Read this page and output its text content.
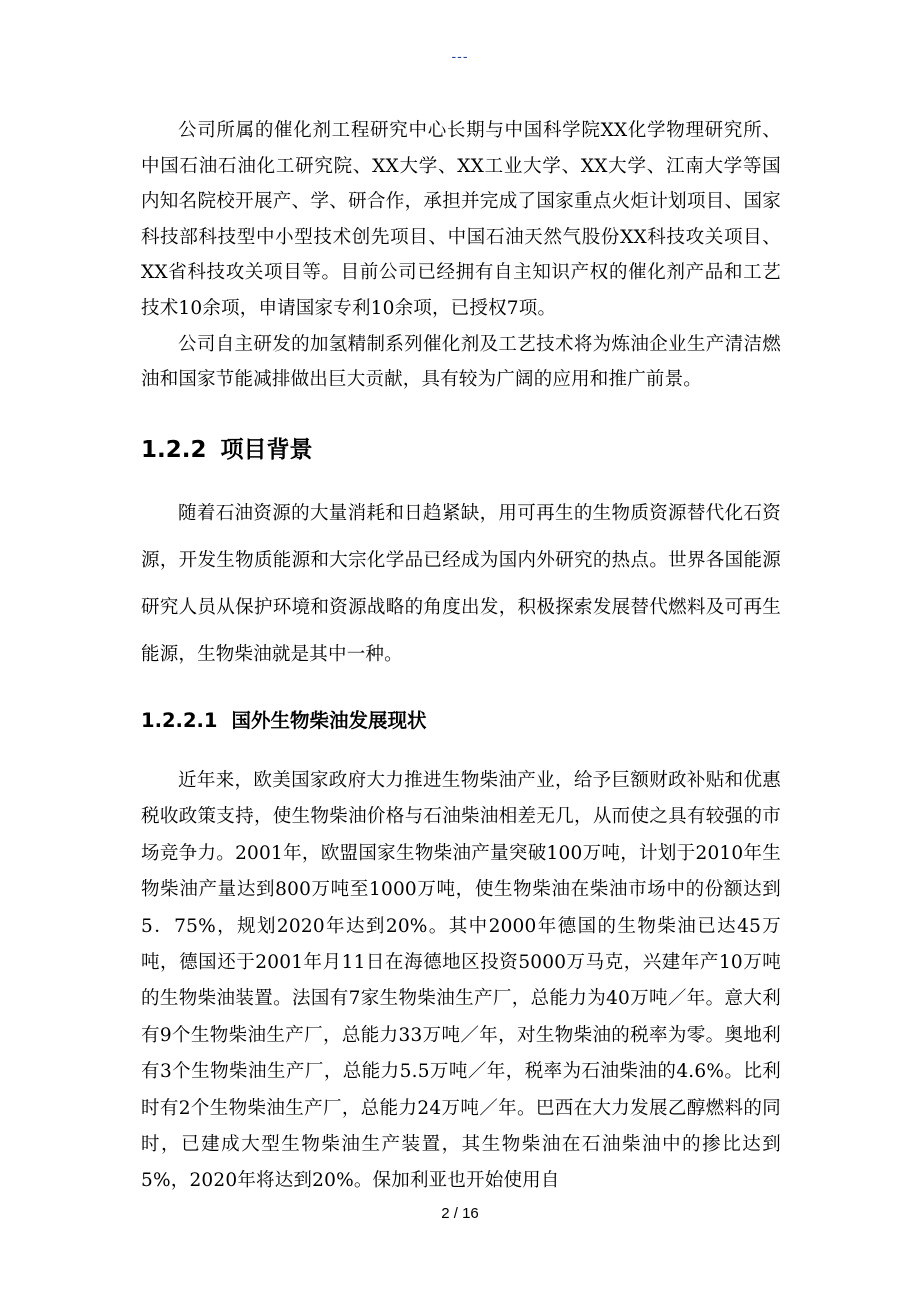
---

公司所属的催化剂工程研究中心长期与中国科学院XX化学物理研究所、中国石油石油化工研究院、XX大学、XX工业大学、XX大学、江南大学等国内知名院校开展产、学、研合作，承担并完成了国家重点火炬计划项目、国家科技部科技型中小型技术创先项目、中国石油天然气股份XX科技攻关项目、XX省科技攻关项目等。目前公司已经拥有自主知识产权的催化剂产品和工艺技术10余项，申请国家专利10余项，已授权7项。

公司自主研发的加氢精制系列催化剂及工艺技术将为炼油企业生产清洁燃油和国家节能减排做出巨大贡献，具有较为广阔的应用和推广前景。

1.2.2 项目背景

随着石油资源的大量消耗和日趋紧缺，用可再生的生物质资源替代化石资源，开发生物质能源和大宗化学品已经成为国内外研究的热点。世界各国能源研究人员从保护环境和资源战略的角度出发，积极探索发展替代燃料及可再生能源，生物柴油就是其中一种。

1.2.2.1 国外生物柴油发展现状

近年来，欧美国家政府大力推进生物柴油产业，给予巨额财政补贴和优惠税收政策支持，使生物柴油价格与石油柴油相差无几，从而使之具有较强的市场竞争力。2001年，欧盟国家生物柴油产量突破100万吨，计划于2010年生物柴油产量达到800万吨至1000万吨，使生物柴油在柴油市场中的份额达到5．75%，规划2020年达到20%。其中2000年德国的生物柴油已达45万吨，德国还于2001年月11日在海德地区投资5000万马克，兴建年产10万吨的生物柴油装置。法国有7家生物柴油生产厂，总能力为40万吨／年。意大利有9个生物柴油生产厂，总能力33万吨／年，对生物柴油的税率为零。奥地利有3个生物柴油生产厂，总能力5.5万吨／年，税率为石油柴油的4.6%。比利时有2个生物柴油生产厂，总能力24万吨／年。巴西在大力发展乙醇燃料的同时，已建成大型生物柴油生产装置，其生物柴油在石油柴油中的掺比达到5%，2020年将达到20%。保加利亚也开始使用自

2 / 16
